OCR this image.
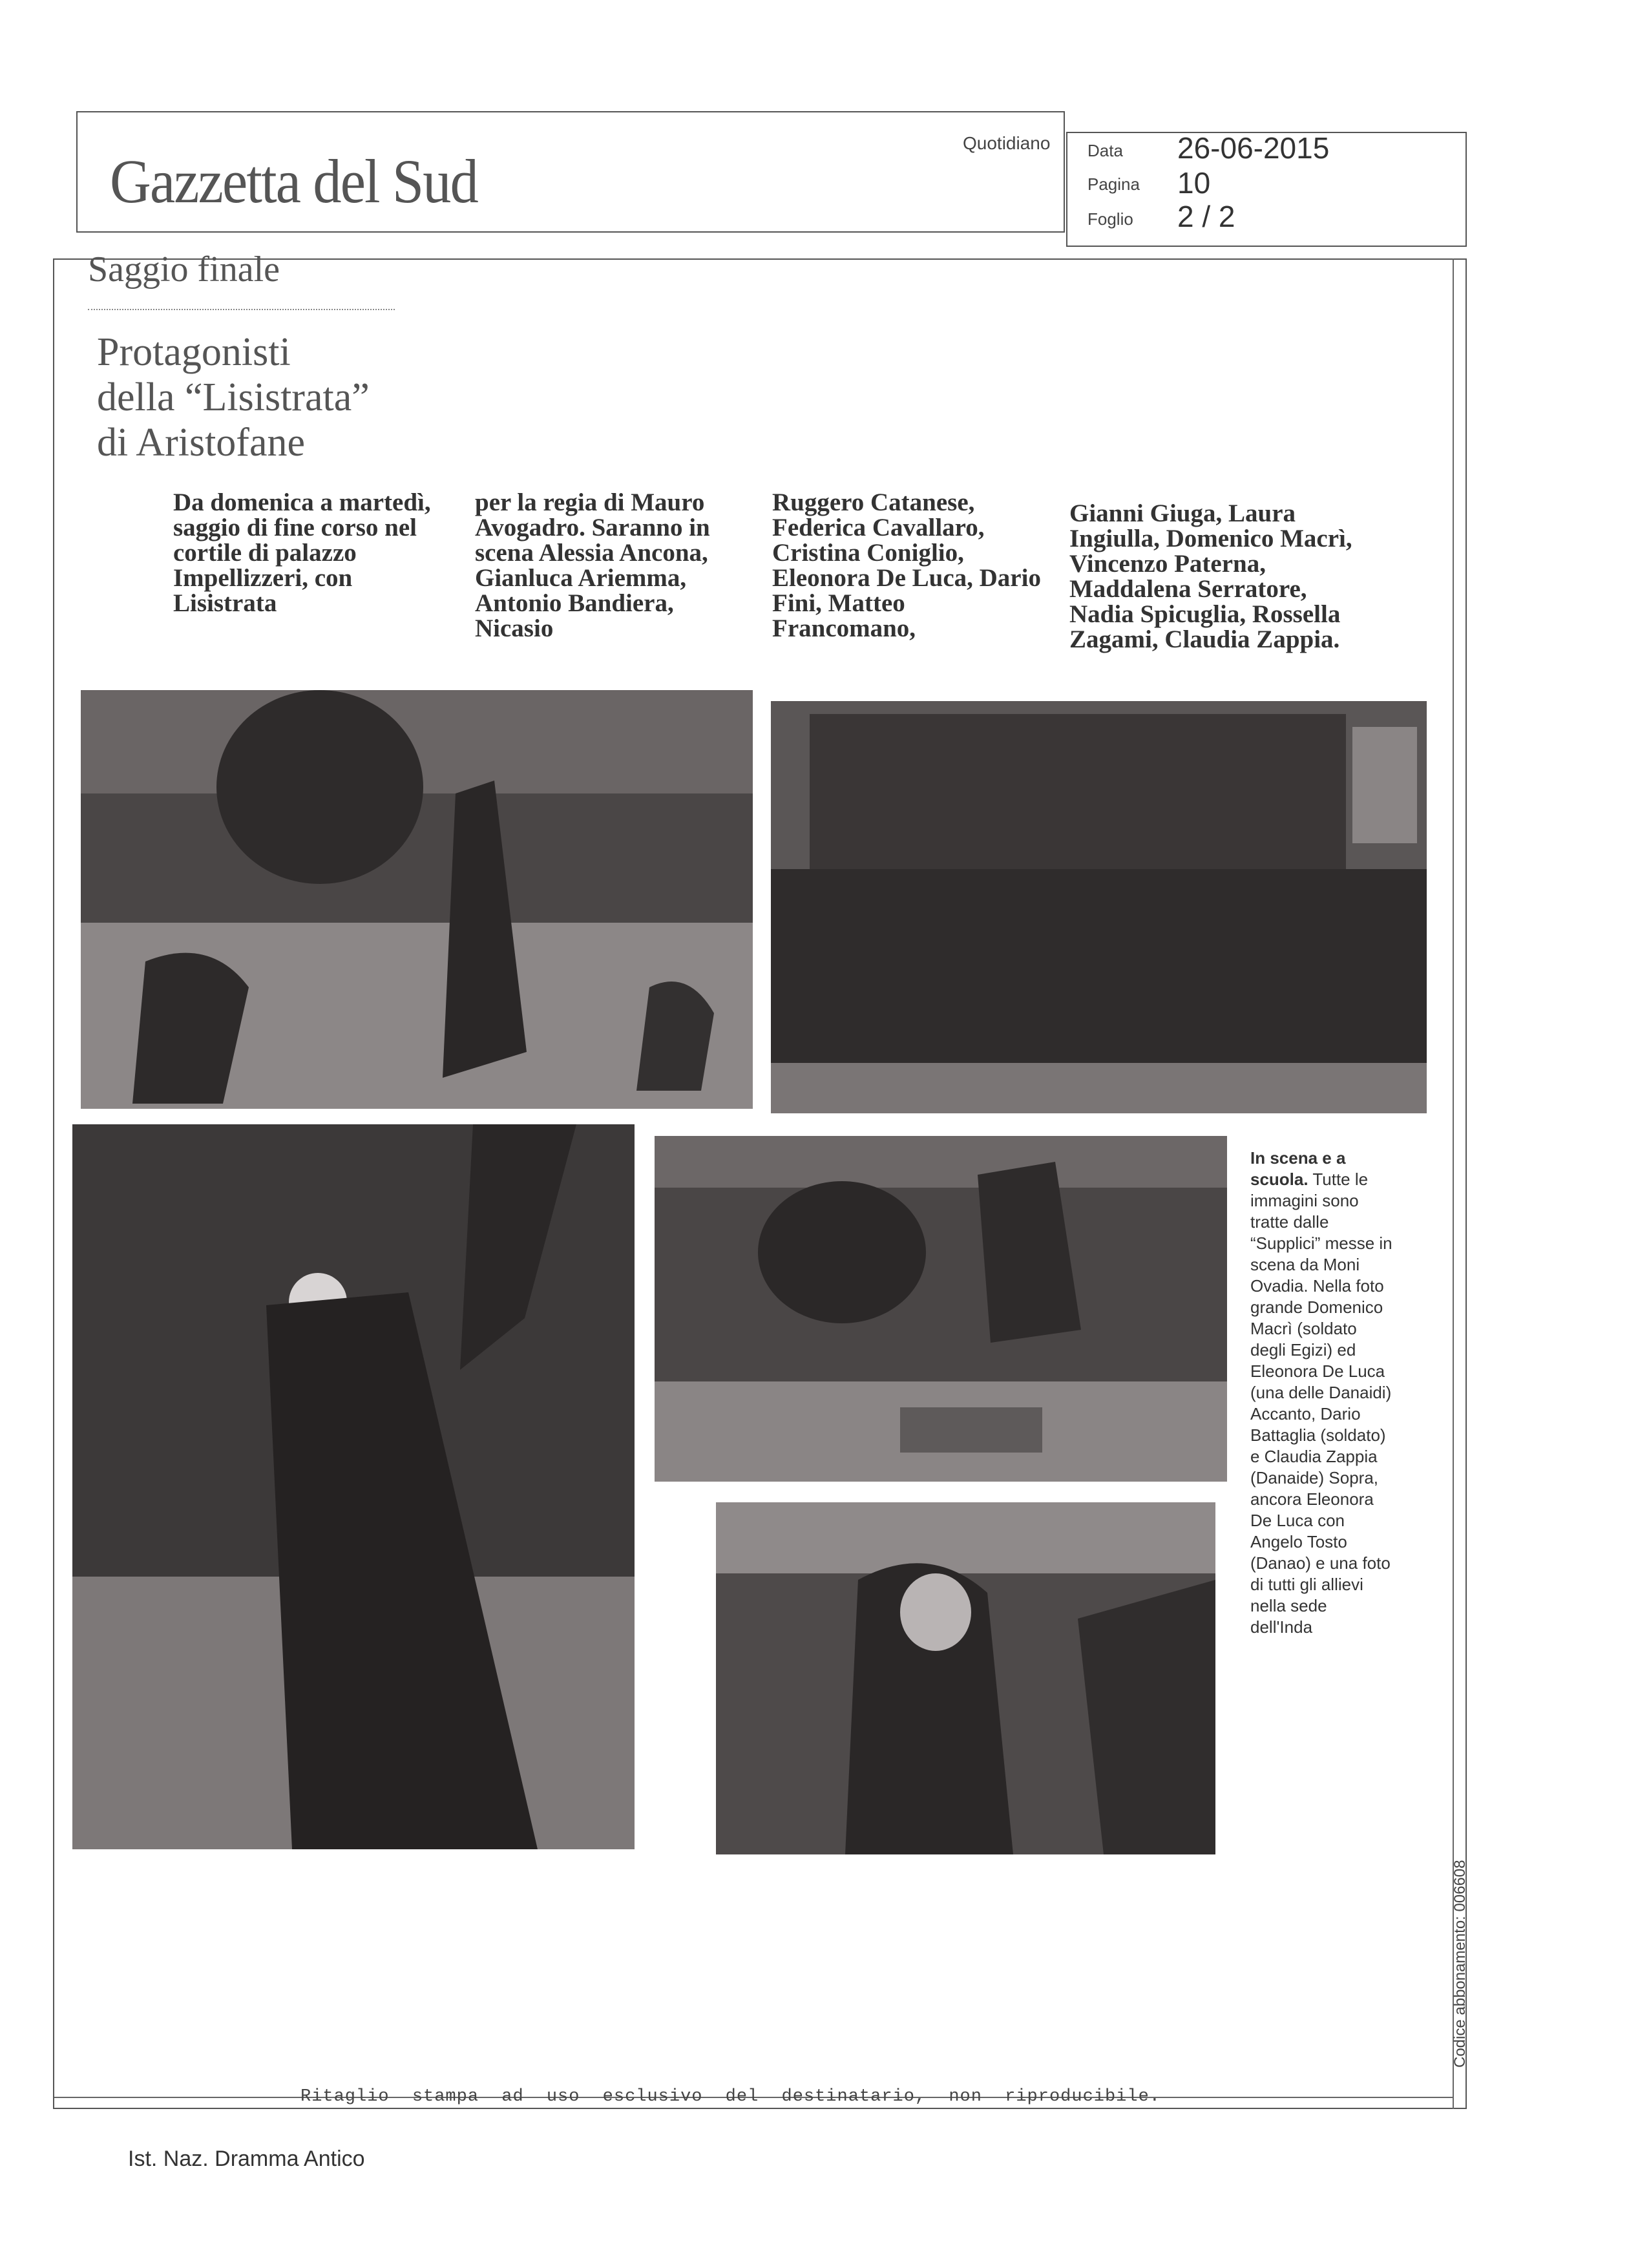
Gazzetta del Sud
Quotidiano Data 26-06-2015
Pagina 10
Foglio 2 / 2
Saggio finale
Protagonisti
della “Lisistrata”
di Aristofane
Da domenica a martedì, saggio di fine corso nel cortile di palazzo Impellizzeri, con Lisistrata
per la regia di Mauro Avogadro. Saranno in scena Alessia Ancona, Gianluca Ariemma, Antonio Bandiera, Nicasio
Ruggero Catanese, Federica Cavallaro, Cristina Coniglio, Eleonora De Luca, Dario Fini, Matteo Francomano,
Gianni Giuga, Laura Ingiulla, Domenico Macrì, Vincenzo Paterna, Maddalena Serratore, Nadia Spicuglia, Rossella Zagami, Claudia Zappia.
In scena e a scuola. Tutte le immagini sono tratte dalle “Supplici” messe in scena da Moni Ovadia. Nella foto grande Domenico Macrì (soldato degli Egizi) ed Eleonora De Luca (una delle Danaidi) Accanto, Dario Battaglia (soldato) e Claudia Zappia (Danaide) Sopra, ancora Eleonora De Luca con Angelo Tosto (Danao) e una foto di tutti gli allievi nella sede dell'Inda
Ritaglio stampa ad uso esclusivo del destinatario, non riproducibile.
Codice abbonamento: 006608
Ist. Naz. Dramma Antico
